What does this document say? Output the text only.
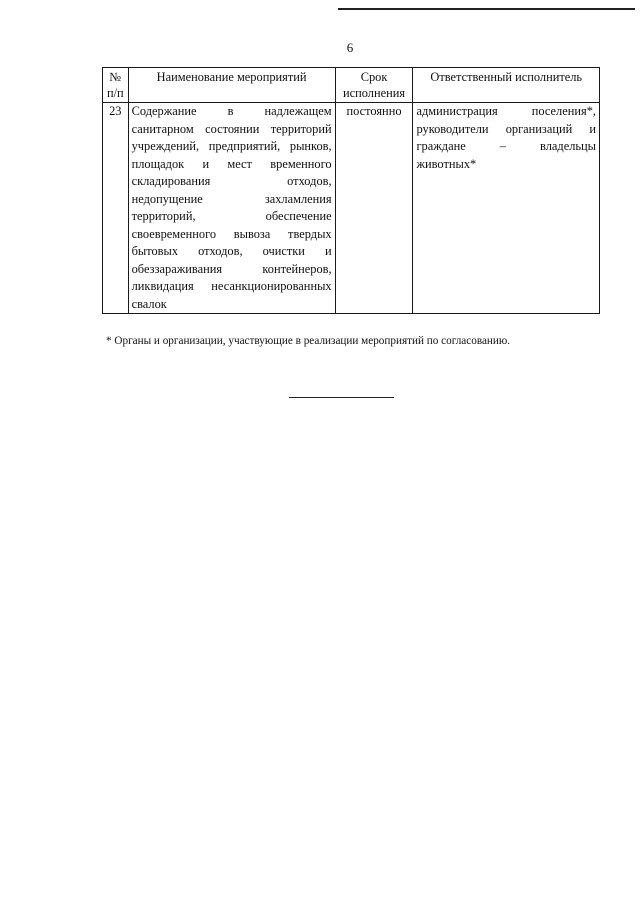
6
№ п/п	Наименование мероприятий	Срок исполнения	Ответственный исполнитель
23	Содержание в надлежащем санитарном состоянии территорий учреждений, предприятий, рынков, площадок и мест временного складирования отходов, недопущение захламления территорий, обеспечение своевременного вывоза твердых бытовых отходов, очистки и обеззараживания контейнеров, ликвидация несанкционированных свалок	постоянно	администрация поселения*, руководители организаций и граждане – владельцы животных*
* Органы и организации, участвующие в реализации мероприятий по согласованию.
